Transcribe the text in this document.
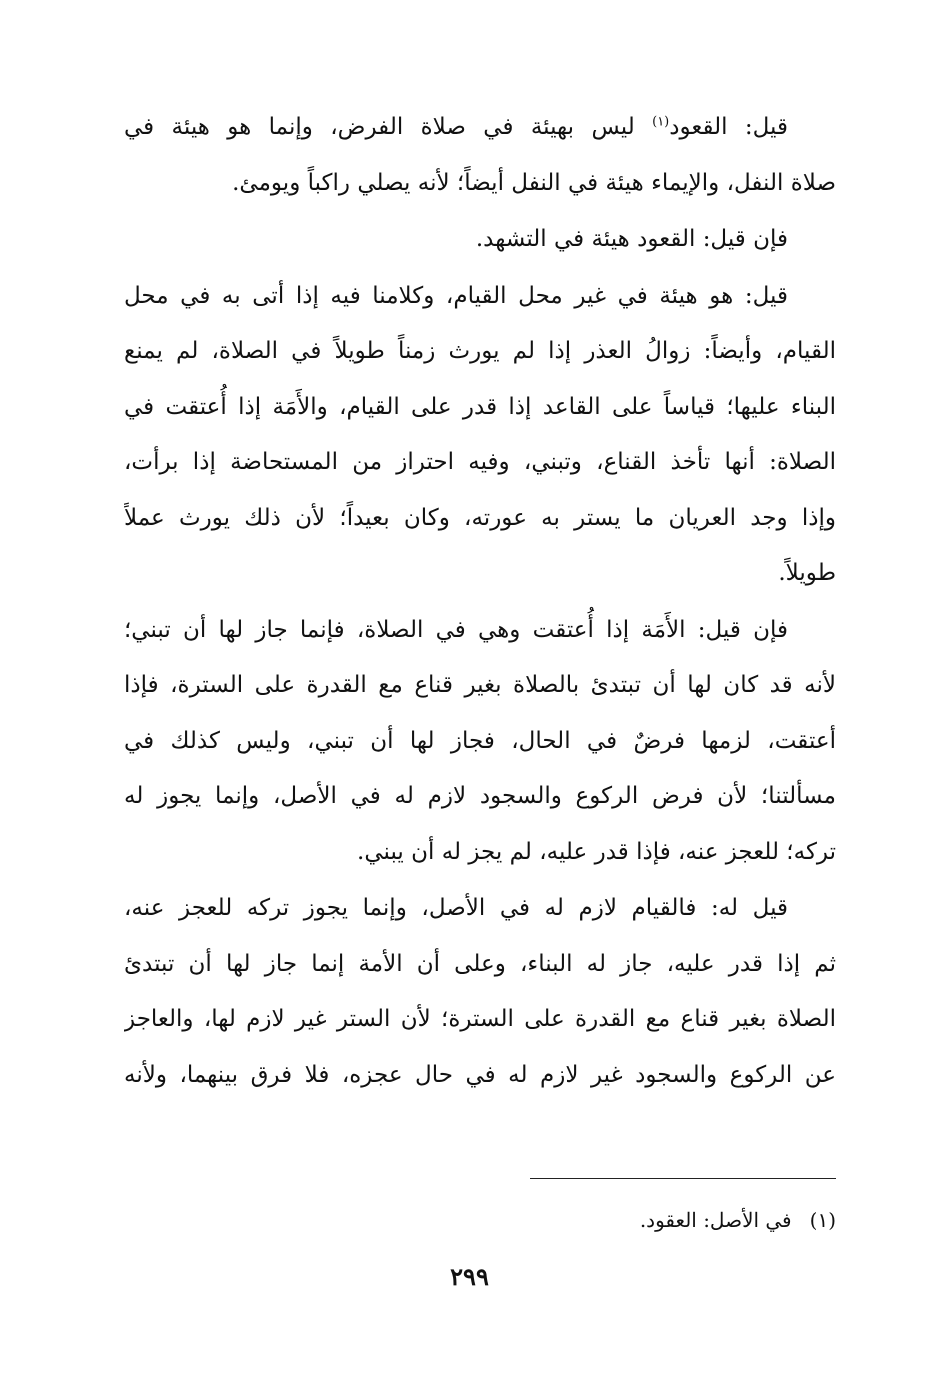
قيل: القعود$^{(١)}$ ليس بهيئة في صلاة الفرض، وإنما هو هيئة في
صلاة النفل، والإيماء هيئة في النفل أيضاً؛ لأنه يصلي راكباً ويومئ.

فإن قيل: القعود هيئة في التشهد.

قيل: هو هيئة في غير محل القيام، وكلامنا فيه إذا أتى به في محل
القيام، وأيضاً: زوالُ العذر إذا لم يورث زمناً طويلاً في الصلاة، لم يمنع
البناء عليها؛ قياساً على القاعد إذا قدر على القيام، والأَمَة إذا أُعتقت في
الصلاة: أنها تأخذ القناع، وتبني، وفيه احتراز من المستحاضة إذا برأت،
وإذا وجد العريان ما يستر به عورته، وكان بعيداً؛ لأن ذلك يورث عملاً
طويلاً.

فإن قيل: الأَمَة إذا أُعتقت وهي في الصلاة، فإنما جاز لها أن تبني؛
لأنه قد كان لها أن تبتدئ بالصلاة بغير قناع مع القدرة على السترة، فإذا
أعتقت، لزمها فرضٌ في الحال، فجاز لها أن تبني، وليس كذلك في
مسألتنا؛ لأن فرض الركوع والسجود لازم له في الأصل، وإنما يجوز له
تركه؛ للعجز عنه، فإذا قدر عليه، لم يجز له أن يبني.

قيل له: فالقيام لازم له في الأصل، وإنما يجوز تركه للعجز عنه،
ثم إذا قدر عليه، جاز له البناء، وعلى أن الأمة إنما جاز لها أن تبتدئ
الصلاة بغير قناع مع القدرة على السترة؛ لأن الستر غير لازم لها، والعاجز
عن الركوع والسجود غير لازم له في حال عجزه، فلا فرق بينهما، ولأنه

(١)في الأصل: العقود.
٢٩٩
